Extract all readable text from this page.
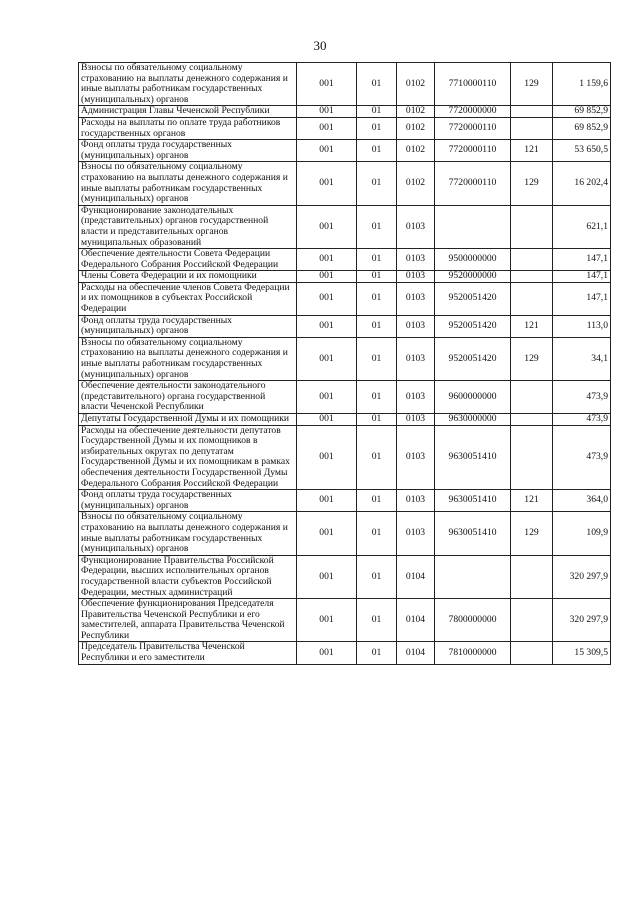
30
Взносы по обязательному социальному страхованию на выплаты денежного содержания и иные выплаты работникам государственных (муниципальных) органов	001	01	0102	7710000110	129	1 159,6
Администрация Главы Чеченской Республики	001	01	0102	7720000000		69 852,9
Расходы на выплаты по оплате труда работников государственных органов	001	01	0102	7720000110		69 852,9
Фонд оплаты труда государственных (муниципальных) органов	001	01	0102	7720000110	121	53 650,5
Взносы по обязательному социальному страхованию на выплаты денежного содержания и иные выплаты работникам государственных (муниципальных) органов	001	01	0102	7720000110	129	16 202,4
Функционирование законодательных (представительных) органов государственной власти и представительных органов муниципальных образований	001	01	0103			621,1
Обеспечение деятельности Совета Федерации Федерального Собрания Российской Федерации	001	01	0103	9500000000		147,1
Члены Совета Федерации и их помощники	001	01	0103	9520000000		147,1
Расходы на обеспечение членов Совета Федерации и их помощников в субъектах Российской Федерации	001	01	0103	9520051420		147,1
Фонд оплаты труда государственных (муниципальных) органов	001	01	0103	9520051420	121	113,0
Взносы по обязательному социальному страхованию на выплаты денежного содержания и иные выплаты работникам государственных (муниципальных) органов	001	01	0103	9520051420	129	34,1
Обеспечение деятельности законодательного (представительного) органа государственной власти Чеченской Республики	001	01	0103	9600000000		473,9
Депутаты Государственной Думы и их помощники	001	01	0103	9630000000		473,9
Расходы на обеспечение деятельности депутатов Государственной Думы и их помощников в избирательных округах по депутатам Государственной Думы и их помощникам в рамках обеспечения деятельности Государственной Думы Федерального Собрания Российской Федерации	001	01	0103	9630051410		473,9
Фонд оплаты труда государственных (муниципальных) органов	001	01	0103	9630051410	121	364,0
Взносы по обязательному социальному страхованию на выплаты денежного содержания и иные выплаты работникам государственных (муниципальных) органов	001	01	0103	9630051410	129	109,9
Функционирование Правительства Российской Федерации, высших исполнительных органов государственной власти субъектов Российской Федерации, местных администраций	001	01	0104			320 297,9
Обеспечение функционирования Председателя Правительства Чеченской Республики и его заместителей, аппарата Правительства Чеченской Республики	001	01	0104	7800000000		320 297,9
Председатель Правительства Чеченской Республики и его заместители	001	01	0104	7810000000		15 309,5
